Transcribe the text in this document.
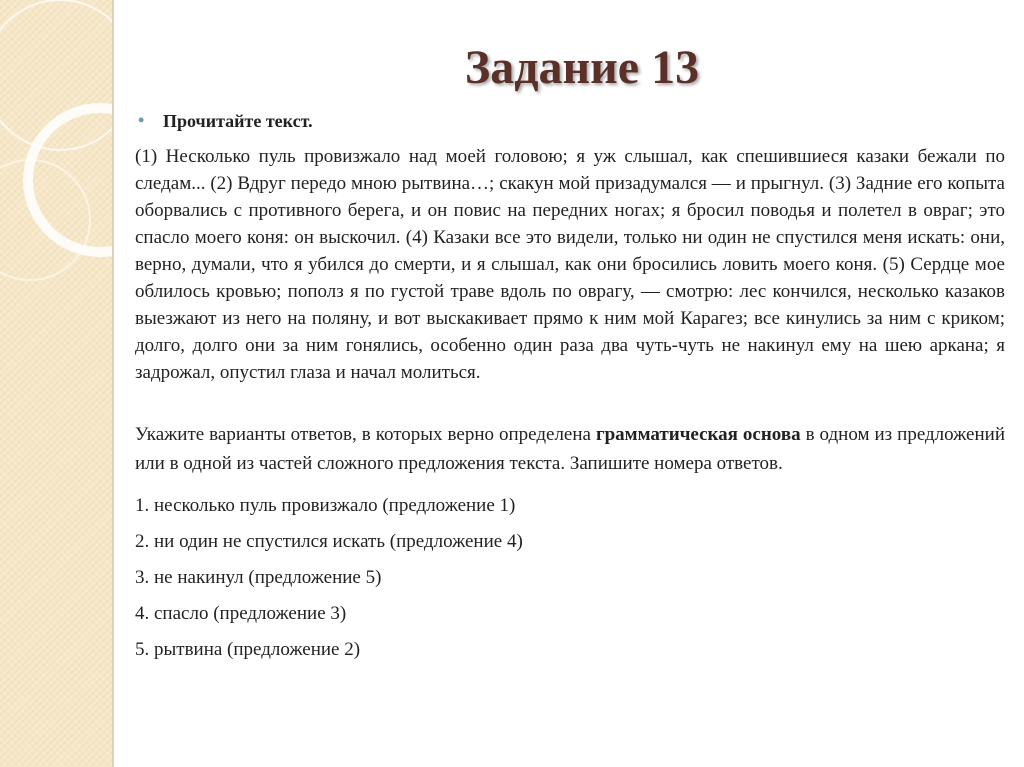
Задание 13
• Прочитайте текст.

(1) Несколько пуль провизжало над моей головою; я уж слышал, как спешившиеся казаки бежали по следам... (2) Вдруг передо мною рытвина…; скакун мой призадумался — и прыгнул. (3) Задние его копыта оборвались с противного берега, и он повис на передних ногах; я бросил поводья и полетел в овраг; это спасло моего коня: он выскочил. (4) Казаки все это видели, только ни один не спустился меня искать: они, верно, думали, что я убился до смерти, и я слышал, как они бросились ловить моего коня. (5) Сердце мое облилось кровью; пополз я по густой траве вдоль по оврагу, — смотрю: лес кончился, несколько казаков выезжают из него на поляну, и вот выскакивает прямо к ним мой Карагез; все кинулись за ним с криком; долго, долго они за ним гонялись, особенно один раза два чуть-чуть не накинул ему на шею аркана; я задрожал, опустил глаза и начал молиться.

Укажите варианты ответов, в которых верно определена грамматическая основа в одном из предложений или в одной из частей сложного предложения текста. Запишите номера ответов.

1. несколько пуль провизжало (предложение 1)
2. ни один не спустился искать (предложение 4)
3. не накинул (предложение 5)
4. спасло (предложение 3)
5. рытвина (предложение 2)
